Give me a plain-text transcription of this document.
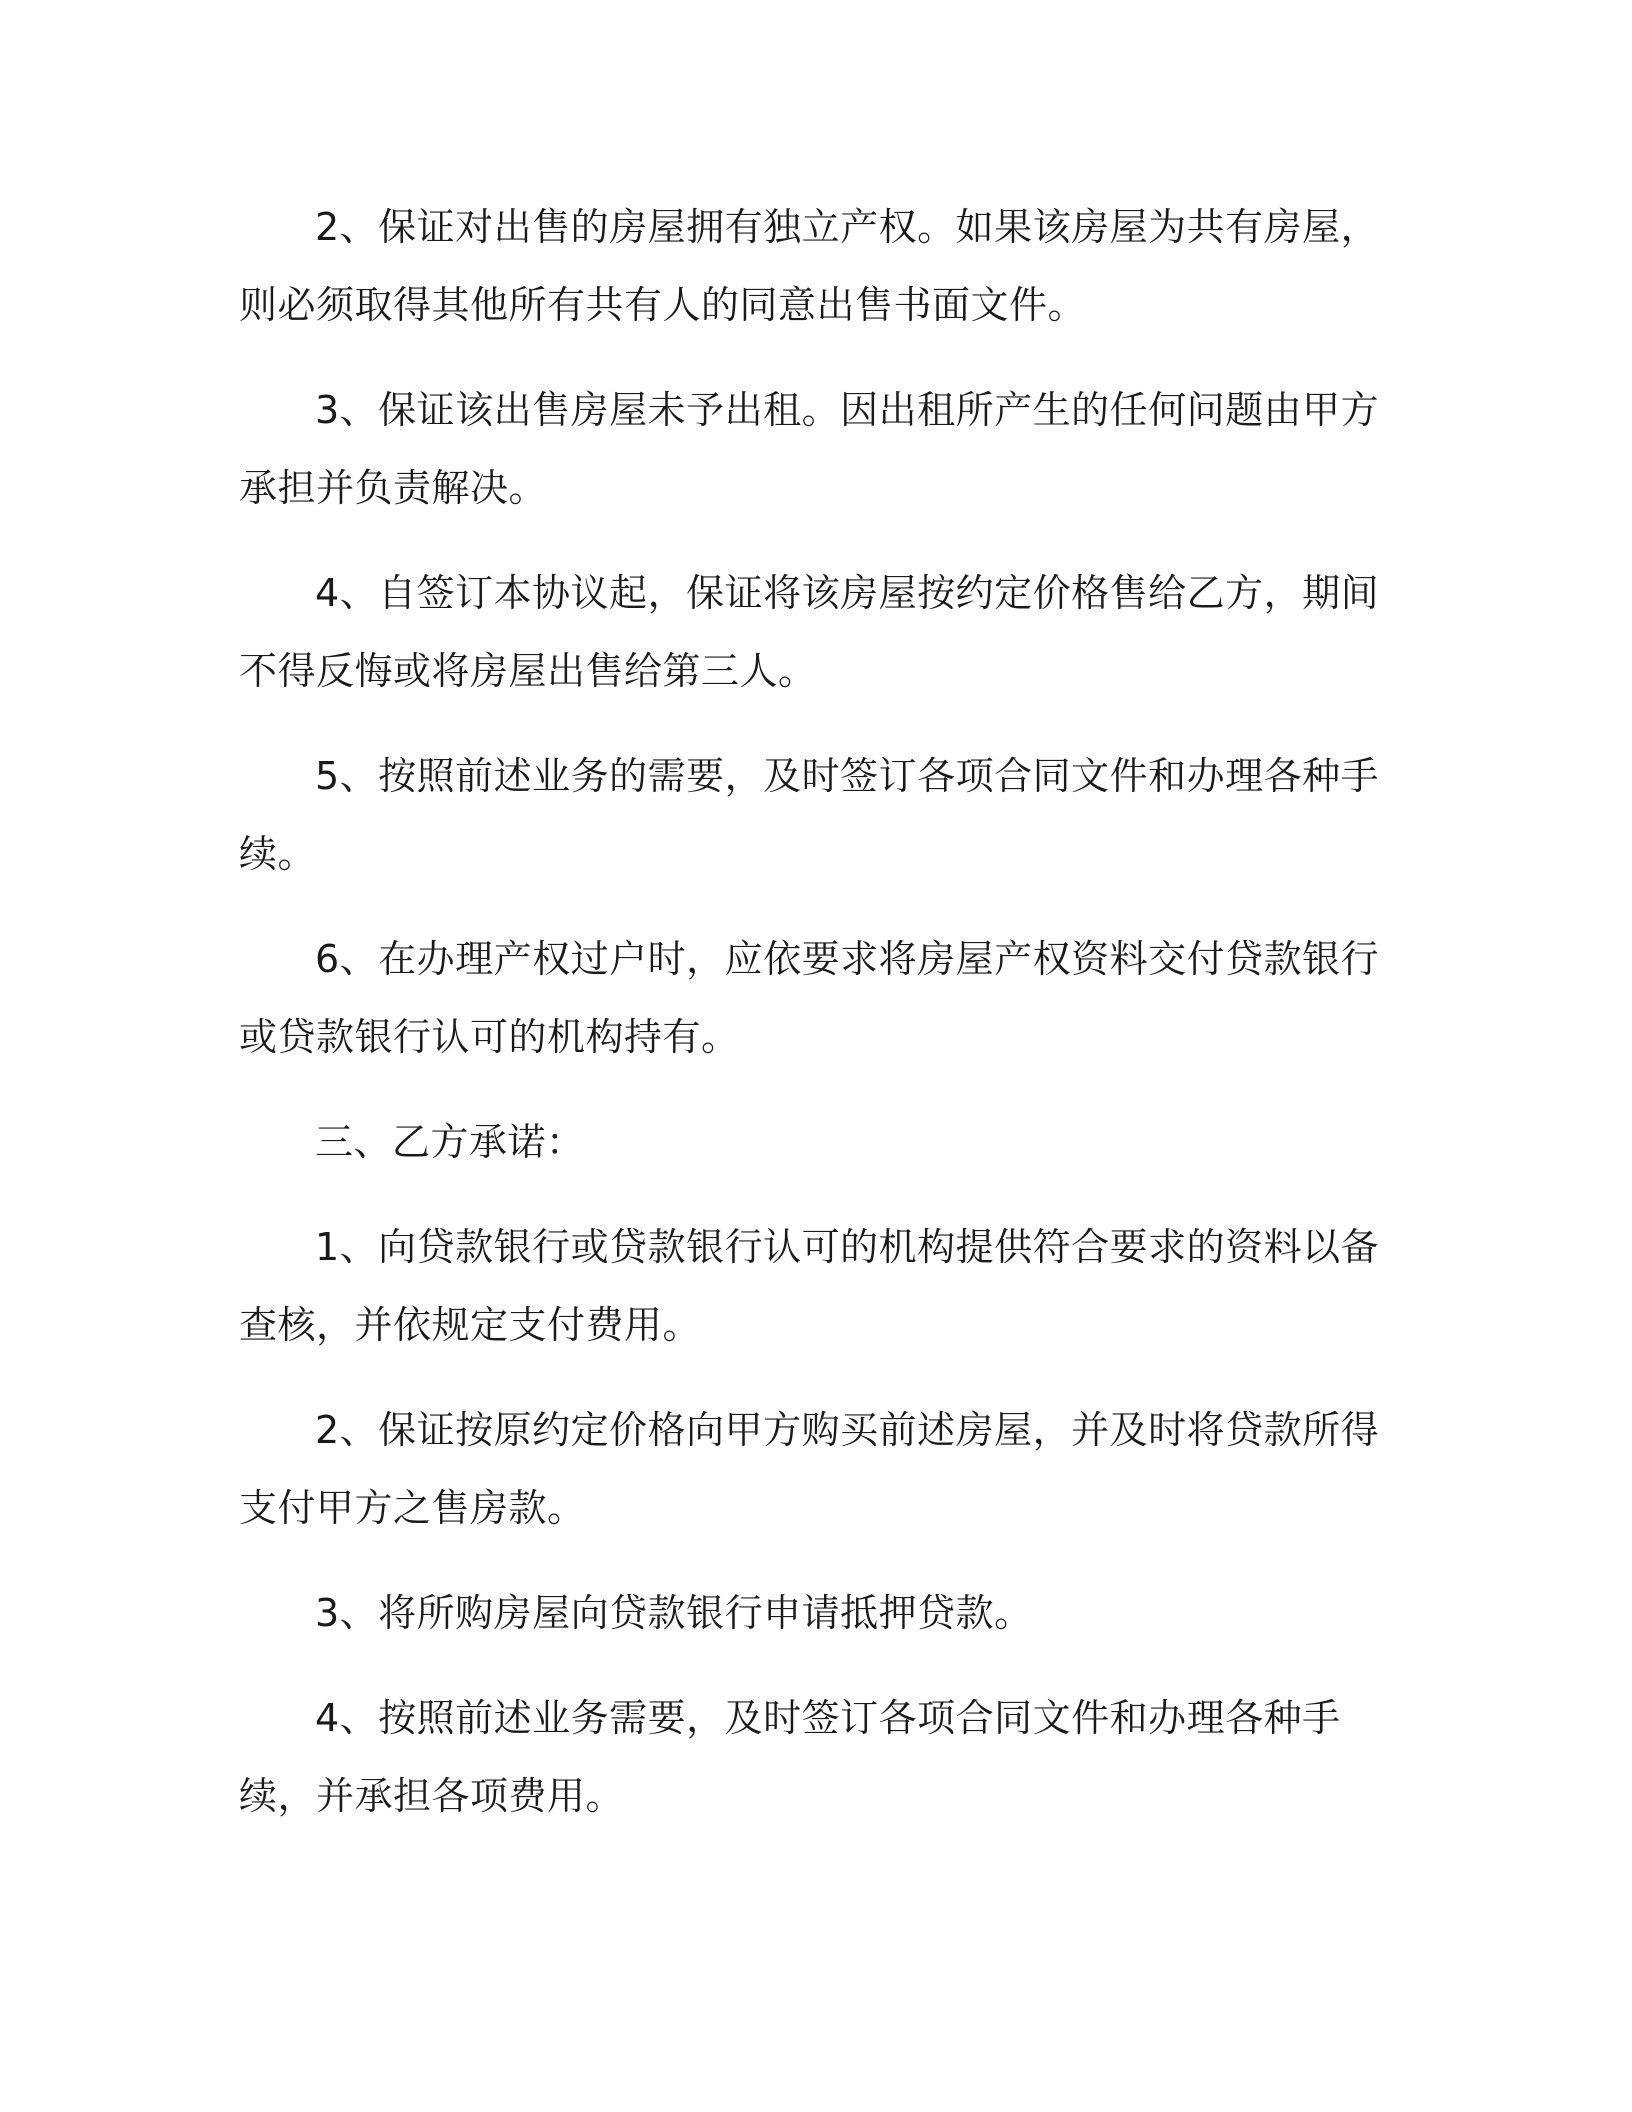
2、保证对出售的房屋拥有独立产权。如果该房屋为共有房屋，则必须取得其他所有共有人的同意出售书面文件。

3、保证该出售房屋未予出租。因出租所产生的任何问题由甲方承担并负责解决。

4、自签订本协议起，保证将该房屋按约定价格售给乙方，期间不得反悔或将房屋出售给第三人。

5、按照前述业务的需要，及时签订各项合同文件和办理各种手续。

6、在办理产权过户时，应依要求将房屋产权资料交付贷款银行或贷款银行认可的机构持有。

三、乙方承诺：

1、向贷款银行或贷款银行认可的机构提供符合要求的资料以备查核，并依规定支付费用。

2、保证按原约定价格向甲方购买前述房屋，并及时将贷款所得支付甲方之售房款。

3、将所购房屋向贷款银行申请抵押贷款。

4、按照前述业务需要，及时签订各项合同文件和办理各种手续，并承担各项费用。
